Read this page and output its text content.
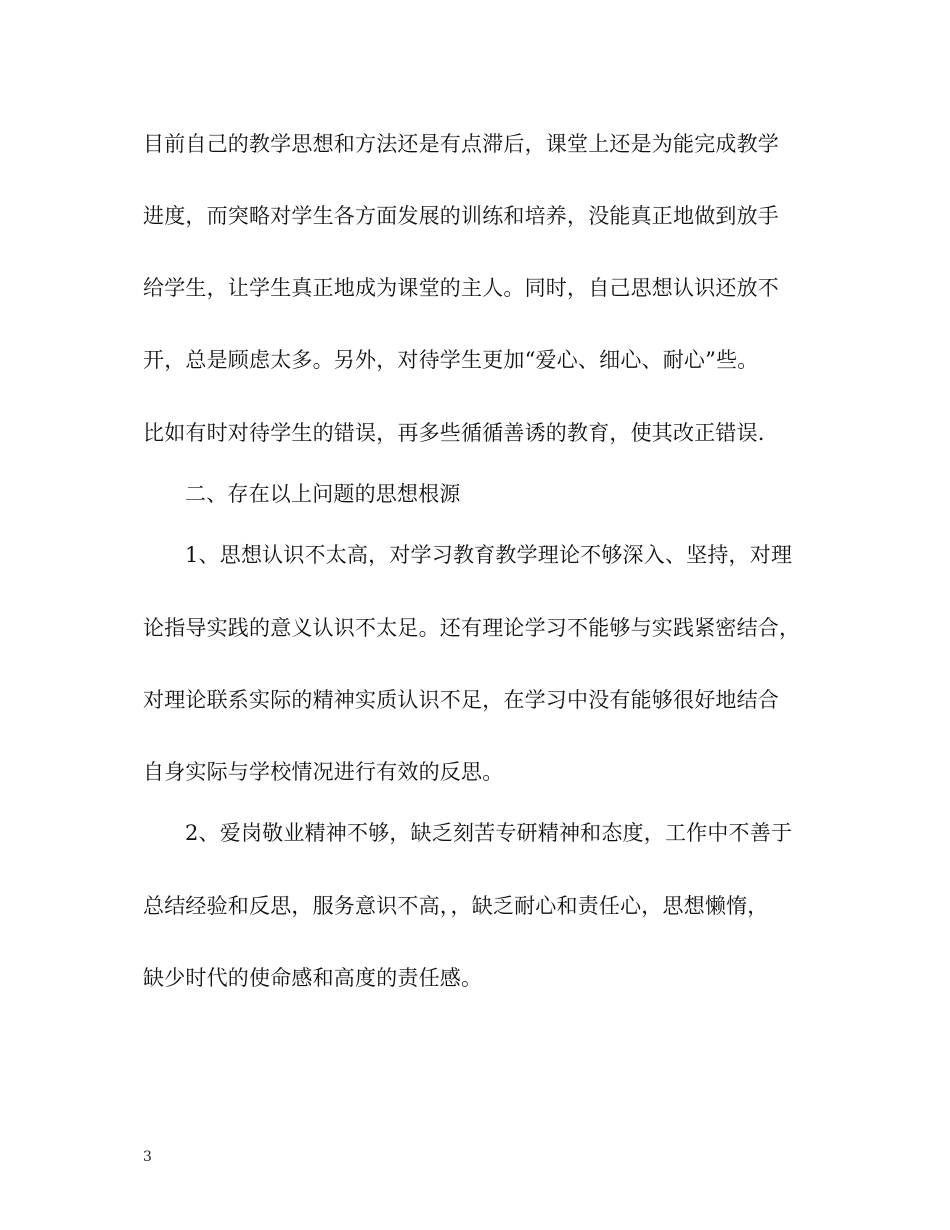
目前自己的教学思想和方法还是有点滞后，课堂上还是为能完成教学
进度，而突略对学生各方面发展的训练和培养，没能真正地做到放手
给学生，让学生真正地成为课堂的主人。同时，自己思想认识还放不
开，总是顾虑太多。另外，对待学生更加“爱心、细心、耐心”些。
比如有时对待学生的错误，再多些循循善诱的教育，使其改正错误.
二、存在以上问题的思想根源
1、思想认识不太高，对学习教育教学理论不够深入、坚持，对理
论指导实践的意义认识不太足。还有理论学习不能够与实践紧密结合，
对理论联系实际的精神实质认识不足，在学习中没有能够很好地结合
自身实际与学校情况进行有效的反思。
2、爱岗敬业精神不够，缺乏刻苦专研精神和态度，工作中不善于
总结经验和反思，服务意识不高，，缺乏耐心和责任心，思想懒惰，
缺少时代的使命感和高度的责任感。
3
